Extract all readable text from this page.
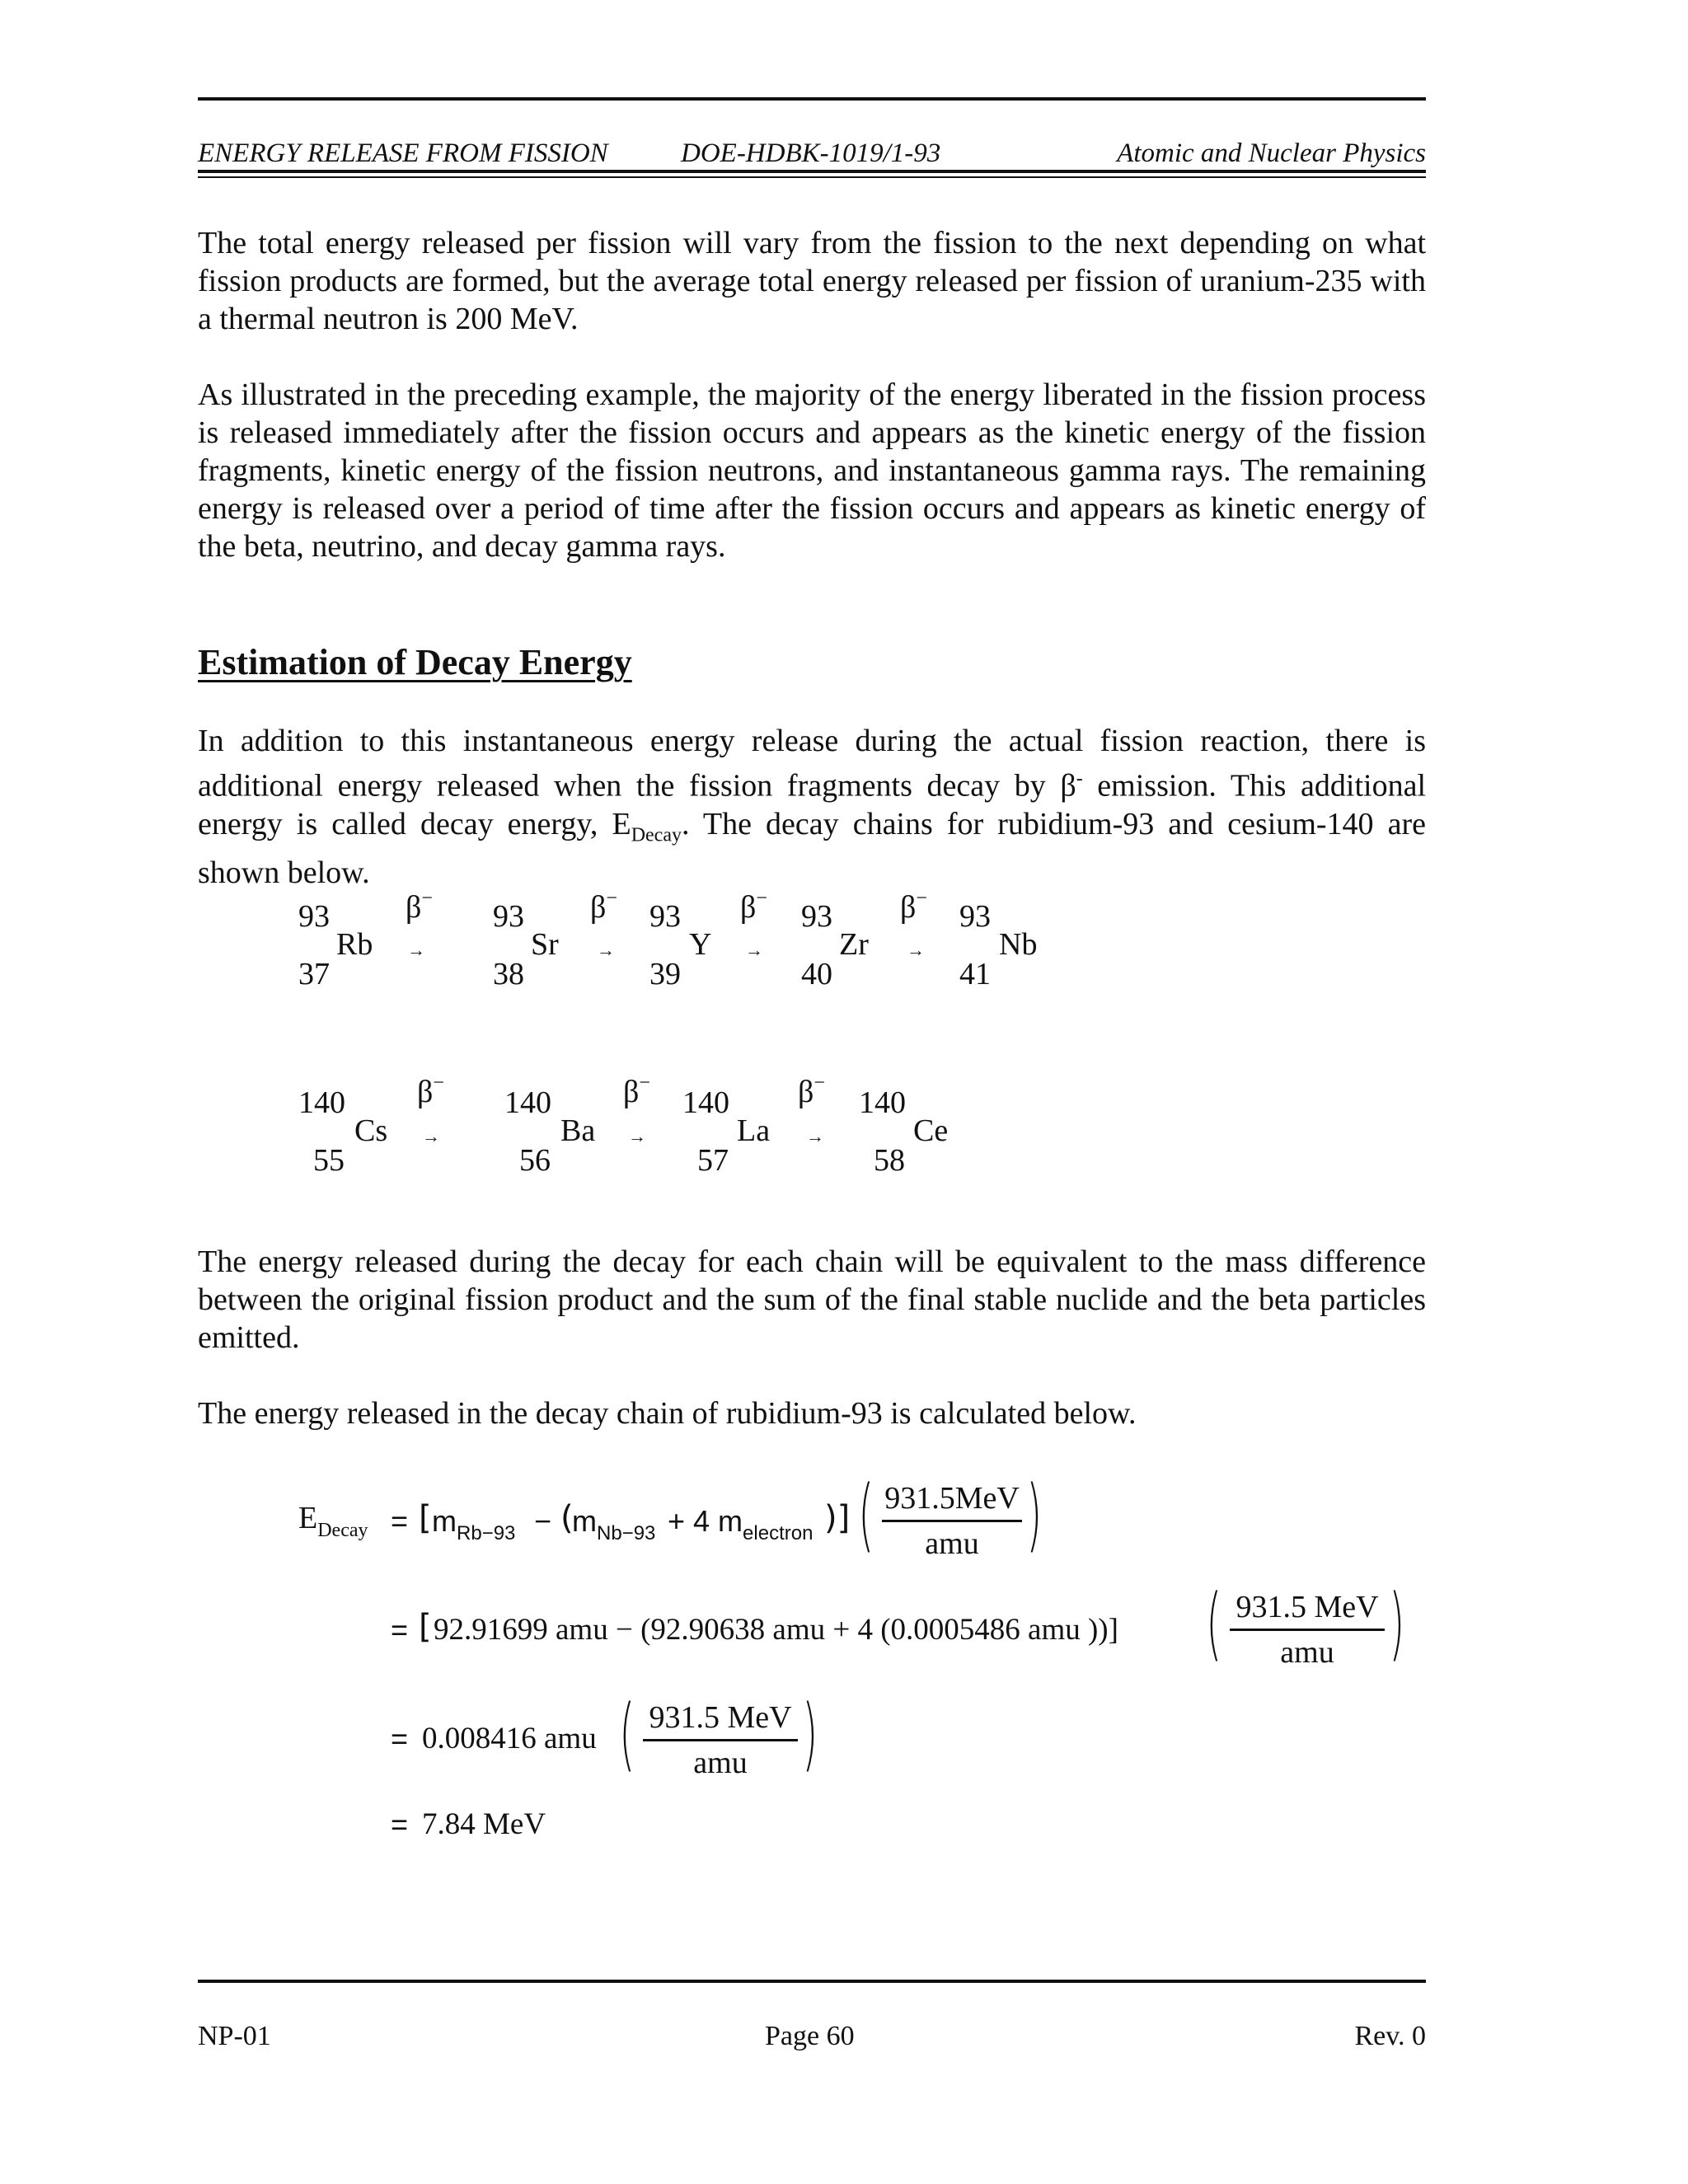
ENERGY RELEASE FROM FISSION	DOE-HDBK-1019/1-93	Atomic and Nuclear Physics
The total energy released per fission will vary from the fission to the next depending on what fission products are formed, but the average total energy released per fission of uranium-235 with a thermal neutron is 200 MeV.
As illustrated in the preceding example, the majority of the energy liberated in the fission process is released immediately after the fission occurs and appears as the kinetic energy of the fission fragments, kinetic energy of the fission neutrons, and instantaneous gamma rays. The remaining energy is released over a period of time after the fission occurs and appears as kinetic energy of the beta, neutrino, and decay gamma rays.
Estimation of Decay Energy
In addition to this instantaneous energy release during the actual fission reaction, there is additional energy released when the fission fragments decay by β- emission. This additional energy is called decay energy, $E_{Decay}$. The decay chains for rubidium-93 and cesium-140 are shown below.
93
Rb
37
β−
→
93
Sr
38
β−
→
93
Y
39
β−
→
93
Zr
40
β−
→
93
Nb
41
140
Cs
55
β−
→
140
Ba
56
β−
→
140
La
57
β−
→
140
Ce
58
The energy released during the decay for each chain will be equivalent to the mass difference between the original fission product and the sum of the final stable nuclide and the beta particles emitted.
The energy released in the decay chain of rubidium-93 is calculated below.
$E_{Decay}$ = [ $m_{Rb-93}$ − (
$m_{Nb-93} + 4$ $m_{electron}$ )] ( 931.5MeV
amu )
= [ 92.91699 amu − (92.90638 amu + 4 (0.0005486 amu ))] ( 931.5 MeV
amu )
= 0.008416 amu ( 931.5 MeV
amu )
= 7.84 MeV
NP-01	Page 60	Rev. 0
